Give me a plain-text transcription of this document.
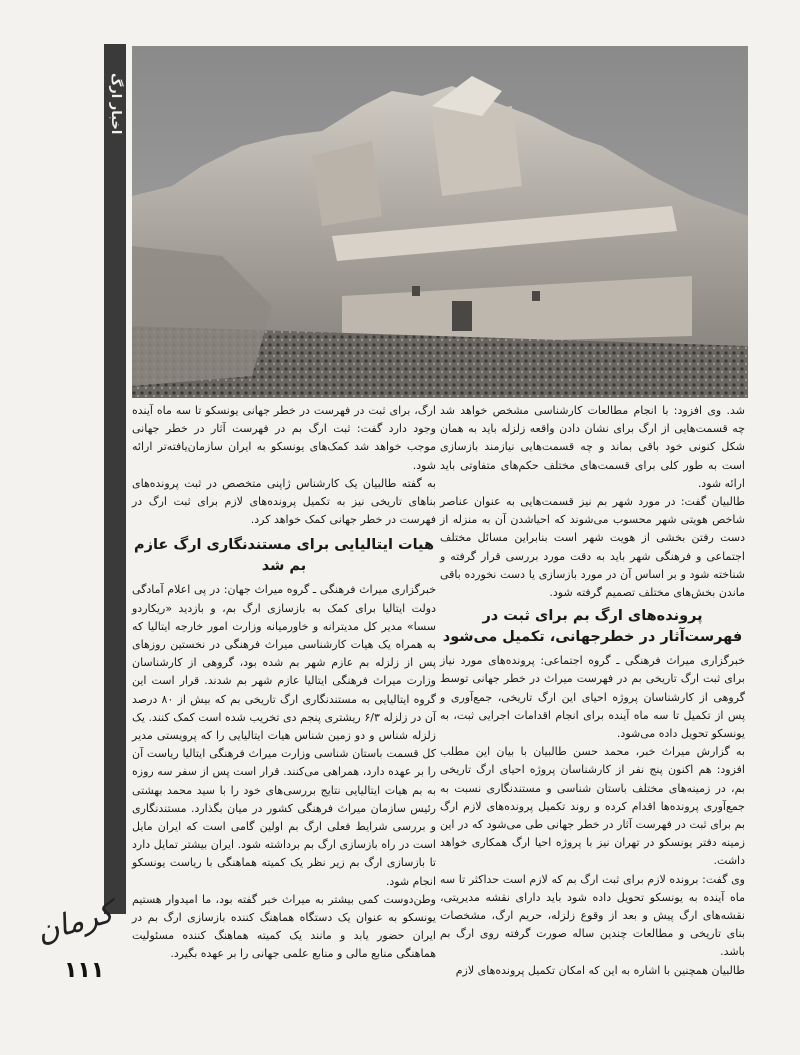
اخبار ارگ

شد. وی افزود: با انجام مطالعات کارشناسی مشخص خواهد شد چه قسمت‌هایی از ارگ برای نشان دادن واقعه زلزله باید به همان شکل کنونی خود باقی بماند و چه قسمت‌هایی نیازمند بازسازی است به طور کلی برای قسمت‌های مختلف حکم‌های متفاوتی باید ارائه شود.

طالبیان گفت: در مورد شهر بم نیز قسمت‌هایی به عنوان عناصر شاخص هویتی شهر محسوب می‌شوند که احیاشدن آن به منزله از دست رفتن بخشی از هویت شهر است بنابراین مسائل مختلف اجتماعی و فرهنگی شهر باید به دقت مورد بررسی قرار گرفته و شناخته شود و بر اساس آن در مورد بازسازی یا دست نخورده باقی ماندن بخش‌های مختلف تصمیم گرفته شود.

پرونده‌های ارگ بم برای ثبت در فهرست‌آثار در خطرجهانی، تکمیل می‌شود

خبرگزاری میراث فرهنگی ـ گروه اجتماعی: پرونده‌های مورد نیاز برای ثبت ارگ تاریخی بم در فهرست میراث در خطر جهانی توسط گروهی از کارشناسان پروژه احیای این ارگ تاریخی، جمع‌آوری و پس از تکمیل تا سه ماه آینده برای انجام اقدامات اجرایی ثبت، به یونسکو تحویل داده می‌شود.

به گزارش میراث خبر، محمد حسن طالبیان با بیان این مطلب افزود: هم اکنون پنج نفر از کارشناسان پروژه احیای ارگ تاریخی بم، در زمینه‌های مختلف باستان شناسی و مستندنگاری نسبت به جمع‌آوری پرونده‌ها اقدام کرده و روند تکمیل پرونده‌های لازم ارگ بم برای ثبت در فهرست آثار در خطر جهانی طی می‌شود که در این زمینه دفتر یونسکو در تهران نیز با پروژه احیا ارگ همکاری خواهد داشت.

وی گفت: برونده لازم برای ثبت ارگ بم که لازم است حداکثر تا سه ماه آینده به یونسکو تحویل داده شود باید دارای نقشه مدیریتی، نقشه‌های ارگ پیش و بعد از وقوع زلزله، حریم ارگ، مشخصات بنای تاریخی و مطالعات چندین ساله صورت گرفته روی ارگ بم باشد.

طالبیان همچنین با اشاره به این که امکان تکمیل پرونده‌های لازم

ارگ، برای ثبت در فهرست در خطر جهانی یونسکو تا سه ماه آینده وجود دارد گفت: ثبت ارگ بم در فهرست آثار در خطر جهانی موجب خواهد شد کمک‌های یونسکو به ایران سازمان‌یافته‌تر ارائه شود.

به گفته طالبیان یک کارشناس ژاپنی متخصص در ثبت پرونده‌های بناهای تاریخی نیز به تکمیل پرونده‌های لازم برای ثبت ارگ در فهرست در خطر جهانی کمک خواهد کرد.

هیات ایتالیایی برای مستندنگاری ارگ عازم بم شد

خبرگزاری میراث فرهنگی ـ گروه میراث جهان: در پی اعلام آمادگی دولت ایتالیا برای کمک به بازسازی ارگ بم، و بازدید «ریکاردو سسا» مدیر کل مدیترانه و خاورمیانه وزارت امور خارجه ایتالیا که به همراه یک هیات کارشناسی میراث فرهنگی در نخستین روزهای پس از زلزله بم عازم شهر بم شده بود، گروهی از کارشناسان وزارت میراث فرهنگی ایتالیا عازم شهر بم شدند. قرار است این گروه ایتالیایی به مستندنگاری ارگ تاریخی بم که بیش از ۸۰ درصد آن در زلزله ۶/۳ ریشتری پنجم دی تخریب شده است کمک کنند. یک زلزله شناس و دو زمین شناس هیات ایتالیایی را که پرویستی مدیر کل قسمت باستان شناسی وزارت میراث فرهنگی ایتالیا ریاست آن را بر عهده دارد، همراهی می‌کنند. قرار است پس از سفر سه روزه به بم هیات ایتالیایی نتایج بررسی‌های خود را با سید محمد بهشتی رئیس سازمان میراث فرهنگی کشور در میان بگذارد. مستندنگاری و بررسی شرایط فعلی ارگ بم اولین گامی است که ایران مایل است در راه بازسازی ارگ بم برداشته شود. ایران بیشتر تمایل دارد تا بازسازی ارگ بم زیر نظر یک کمیته هماهنگی با ریاست یونسکو انجام شود.

وطن‌دوست کمی بیشتر به میراث خبر گفته بود، ما امیدوار هستیم یونسکو به عنوان یک دستگاه هماهنگ کننده بازسازی ارگ بم در ایران حضور یابد و مانند یک کمیته هماهنگ کننده مسئولیت هماهنگی منابع مالی و منابع علمی جهانی را بر عهده بگیرد.

کرمان
۱۱۱
